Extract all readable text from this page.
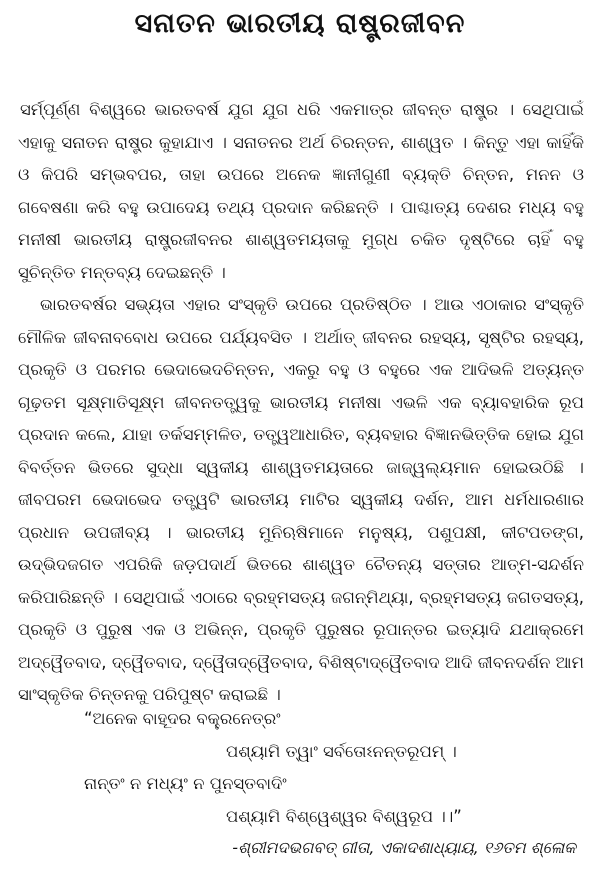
ସନାତନ ଭାରତୀୟ ରାଷ୍ଟ୍ରଜୀବନ

ସର୍ମ୍ପୂର୍ଣ୍ଣ ବିଶ୍ୱରେ ଭାରତବର୍ଷ ଯୁଗ ଯୁଗ ଧରି ଏକମାତ୍ର ଜୀବନ୍ତ ରାଷ୍ଟ୍ର । ସେଥିପାଇଁ ଏହାକୁ ସନାତନ ରାଷ୍ଟ୍ର କୁହାଯାଏ । ସନାତନର ଅର୍ଥ ଚିରନ୍ତନ, ଶାଶ୍ୱତ । କିନ୍ତୁ ଏହା କାହିଁକି ଓ କିପରି ସମ୍ଭବପର, ତାହା ଉପରେ ଅନେକ ଜ୍ଞାନୀଗୁଣୀ ବ୍ୟକ୍ତି ଚିନ୍ତନ, ମନନ ଓ ଗବେଷଣା କରି ବହୁ ଉପାଦେୟ ତଥ୍ୟ ପ୍ରଦାନ କରିଛନ୍ତି । ପାଶ୍ଚାତ୍ୟ ଦେଶର ମଧ୍ୟ ବହୁ ମନୀଷୀ ଭାରତୀୟ ରାଷ୍ଟ୍ରଜୀବନର ଶାଶ୍ୱତମୟତାକୁ ମୁଗ୍ଧ ଚକିତ ଦୃଷ୍ଟିରେ ଚାହିଁ ବହୁ ସୁଚିନ୍ତିତ ମନ୍ତବ୍ୟ ଦେଇଛନ୍ତି ।

ଭାରତବର୍ଷର ସଭ୍ୟତା ଏହାର ସଂସ୍କୃତି ଉପରେ ପ୍ରତିଷ୍ଠିତ । ଆଉ ଏଠାକାର ସଂସ୍କୃତି ମୌଳିକ ଜୀବନାବବୋଧ ଉପରେ ପର୍ଯ୍ୟବସିତ । ଅର୍ଥାତ୍ ଜୀବନର ରହସ୍ୟ, ସୃଷ୍ଟିର ରହସ୍ୟ, ପ୍ରକୃତି ଓ ପରମର ଭେଦାଭେଦଚିନ୍ତନ, ଏକରୁ ବହୁ ଓ ବହୁରେ ଏକ ଆଦିଭଳି ଅତ୍ୟନ୍ତ ଗୂଢ଼ତମ ସୂକ୍ଷ୍ମାତିସୂକ୍ଷ୍ମ ଜୀବନତତ୍ତ୍ୱକୁ ଭାରତୀୟ ମନୀଷା ଏଭଳି ଏକ ବ୍ୟାବହାରିକ ରୂପ ପ୍ରଦାନ କଲେ, ଯାହା ତର୍କସମ୍ମଳିତ, ତତ୍ତ୍ୱଆଧାରିତ, ବ୍ୟବହାର ବିଜ୍ଞାନଭିତ୍ତିକ ହୋଇ ଯୁଗ ବିବର୍ତ୍ତନ ଭିତରେ ସୁଦ୍ଧା ସ୍ୱକୀୟ ଶାଶ୍ୱତମୟତାରେ ଜାଜ୍ୱଲ୍ୟମାନ ହୋଇଉଠିଛି । ଜୀବପରମ ଭେଦାଭେଦ ତତ୍ତ୍ୱଟି ଭାରତୀୟ ମାଟିର ସ୍ୱକୀୟ ଦର୍ଶନ, ଆମ ଧର୍ମଧାରଣାର ପ୍ରଧାନ ଉପଜୀବ୍ୟ । ଭାରତୀୟ ମୁନିଋଷିମାନେ ମନୁଷ୍ୟ, ପଶୁପକ୍ଷୀ, କୀଟପତଙ୍ଗ, ଉଦ୍ଭିଦଜଗତ ଏପରିକି ଜଡ଼ପଦାର୍ଥ ଭିତରେ ଶାଶ୍ୱତ ଚୈତନ୍ୟ ସତ୍ତାର ଆତ୍ମ-ସନ୍ଦର୍ଶନ କରିପାରିଛନ୍ତି । ସେଥିପାଇଁ ଏଠାରେ ବ୍ରହ୍ମସତ୍ୟ ଜଗନ୍ମିଥ୍ୟା, ବ୍ରହ୍ମସତ୍ୟ ଜଗତସତ୍ୟ, ପ୍ରକୃତି ଓ ପୁରୁଷ ଏକ ଓ ଅଭିନ୍ନ, ପ୍ରକୃତି ପୁରୁଷର ରୂପାନ୍ତର ଇତ୍ୟାଦି ଯଥାକ୍ରମେ ଅଦ୍ୱୈତବାଦ, ଦ୍ୱୈତବାଦ, ଦ୍ୱୈତାଦ୍ୱୈତବାଦ, ବିଶିଷ୍ଟାଦ୍ୱୈତବାଦ ଆଦି ଜୀବନଦର୍ଶନ ଆମ ସାଂସ୍କୃତିକ ଚିନ୍ତନକୁ ପରିପୁଷ୍ଟ କରାଇଛି ।

“ଅନେକ ବାହୂଦର ବକ୍ତ୍ରନେତ୍ରଂ
ପଶ୍ୟାମି ତ୍ୱାଂ ସର୍ବତୋଽନନ୍ତରୂପମ୍ ।
ନାନ୍ତଂ ନ ମଧ୍ୟଂ ନ ପୁନସ୍ତବାଦିଂ
ପଶ୍ୟାମି ବିଶ୍ୱେଶ୍ୱର ବିଶ୍ୱରୂପ ।।”
-ଶ୍ରୀମଦଭଗବତ୍ ଗୀତା, ଏକାଦଶାଧ୍ୟାୟ, ୧୬ତମ ଶ୍ଳୋକ
